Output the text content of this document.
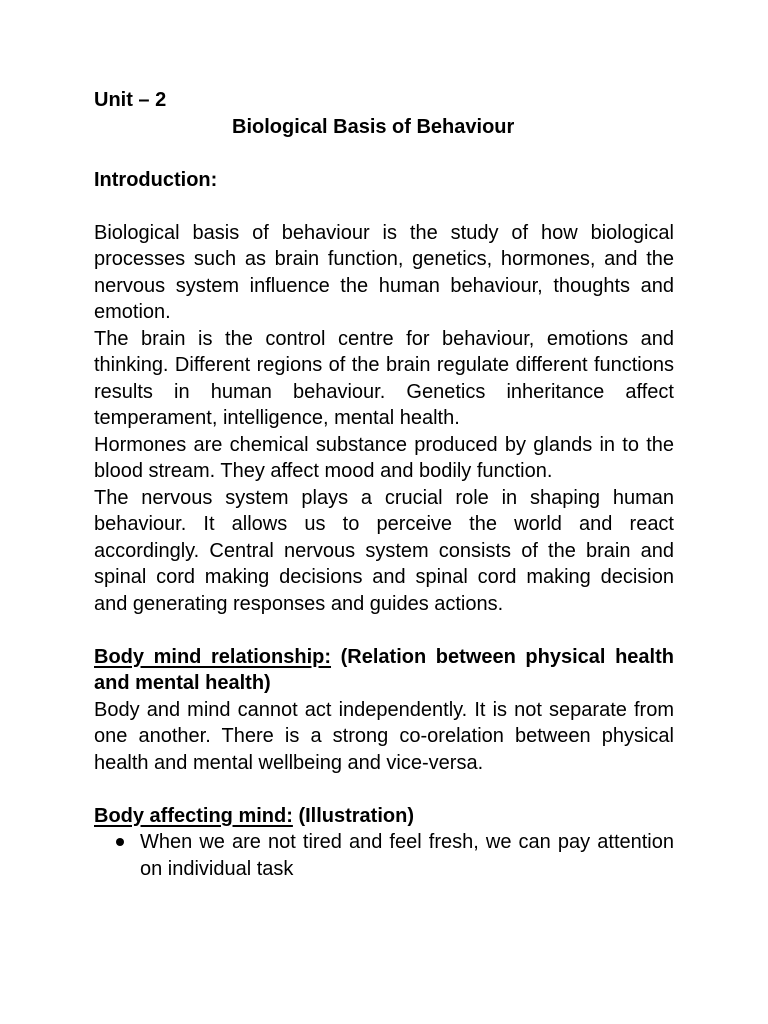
Unit – 2

Biological Basis of Behaviour

Introduction:

Biological basis of behaviour is the study of how biological processes such as brain function, genetics, hormones, and the nervous system influence the human behaviour, thoughts and emotion.

The brain is the control centre for behaviour, emotions and thinking. Different regions of the brain regulate different functions results in human behaviour. Genetics inheritance affect temperament, intelligence, mental health.

Hormones are chemical substance produced by glands in to the blood stream. They affect mood and bodily function.

The nervous system plays a crucial role in shaping human behaviour. It allows us to perceive the world and react accordingly. Central nervous system consists of the brain and spinal cord making decisions and spinal cord making decision and generating responses and guides actions.

Body mind relationship: (Relation between physical health and mental health)

Body and mind cannot act independently. It is not separate from one another. There is a strong co-orelation between physical health and mental wellbeing and vice-versa.

Body affecting mind: (Illustration)

When we are not tired and feel fresh, we can pay attention on individual task
